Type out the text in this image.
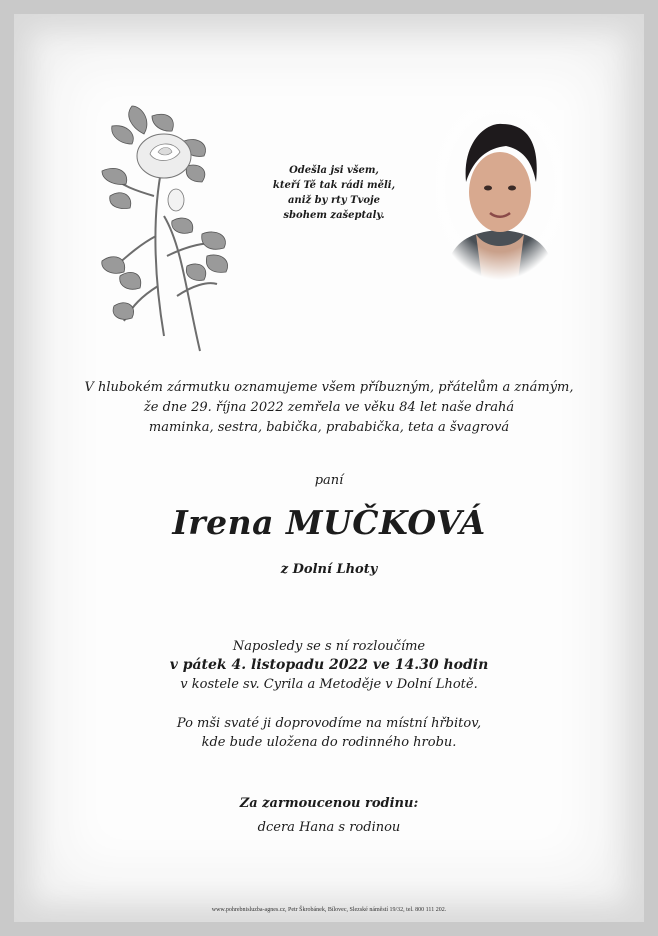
Odešla jsi všem,
kteří Tě tak rádi měli,
aniž by rty Tvoje
sbohem zašeptaly.
V hlubokém zármutku oznamujeme všem příbuzným, přátelům a známým,
že dne 29. října 2022 zemřela ve věku 84 let naše drahá
maminka, sestra, babička, prababička, teta a švagrová
paní
Irena MUČKOVÁ
z Dolní Lhoty
Naposledy se s ní rozloučíme
v pátek 4. listopadu 2022 ve 14.30 hodin
v kostele sv. Cyrila a Metoděje v Dolní Lhotě.
Po mši svaté ji doprovodíme na místní hřbitov,
kde bude uložena do rodinného hrobu.
Za zarmoucenou rodinu:
dcera Hana s rodinou
www.pohrebnisluzba-agnes.cz, Petr Škrobánek, Bílovec, Slezské náměstí 19/32, tel. 800 111 202.
